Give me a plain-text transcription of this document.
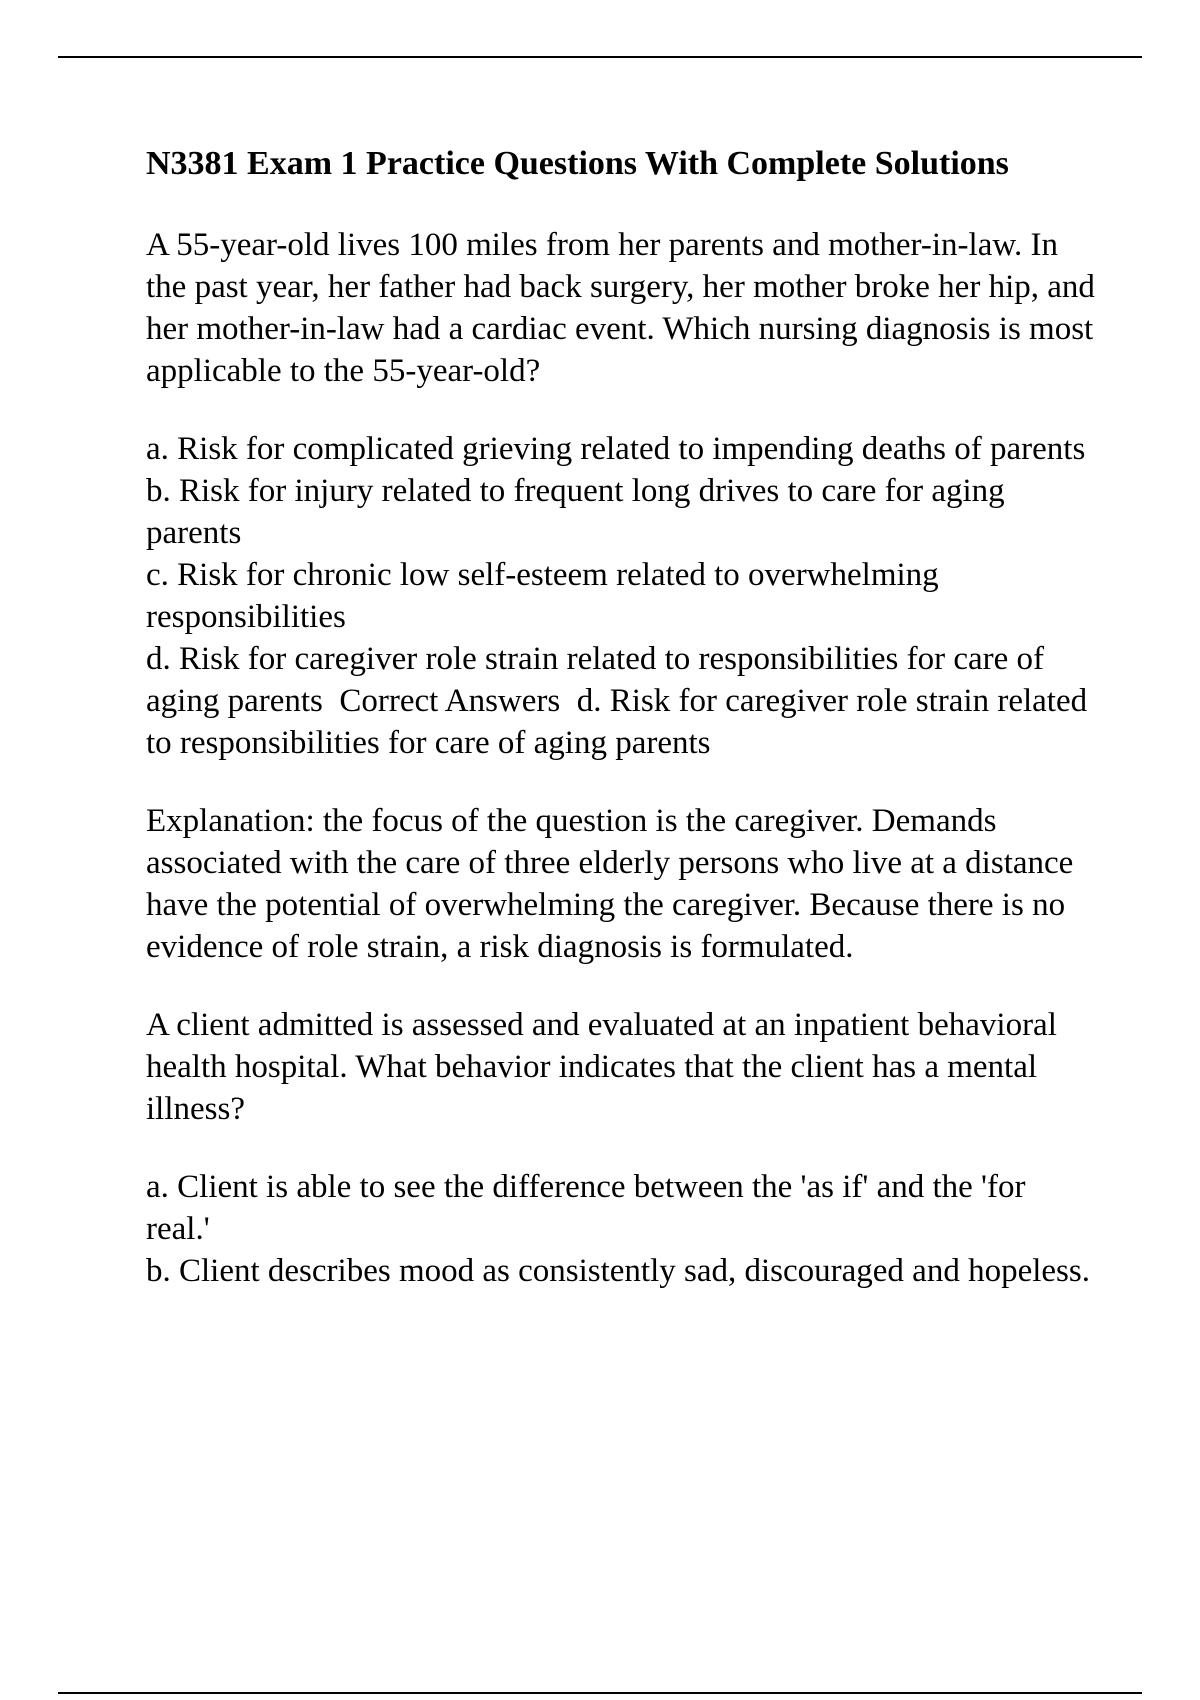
N3381 Exam 1 Practice Questions With Complete Solutions

A 55-year-old lives 100 miles from her parents and mother-in-law. In the past year, her father had back surgery, her mother broke her hip, and her mother-in-law had a cardiac event. Which nursing diagnosis is most applicable to the 55-year-old?

a. Risk for complicated grieving related to impending deaths of parents
b. Risk for injury related to frequent long drives to care for aging parents
c. Risk for chronic low self-esteem related to overwhelming responsibilities
d. Risk for caregiver role strain related to responsibilities for care of aging parents Correct Answers d. Risk for caregiver role strain related to responsibilities for care of aging parents

Explanation: the focus of the question is the caregiver. Demands associated with the care of three elderly persons who live at a distance have the potential of overwhelming the caregiver. Because there is no evidence of role strain, a risk diagnosis is formulated.

A client admitted is assessed and evaluated at an inpatient behavioral health hospital. What behavior indicates that the client has a mental illness?

a. Client is able to see the difference between the 'as if' and the 'for real.'
b. Client describes mood as consistently sad, discouraged and hopeless.
